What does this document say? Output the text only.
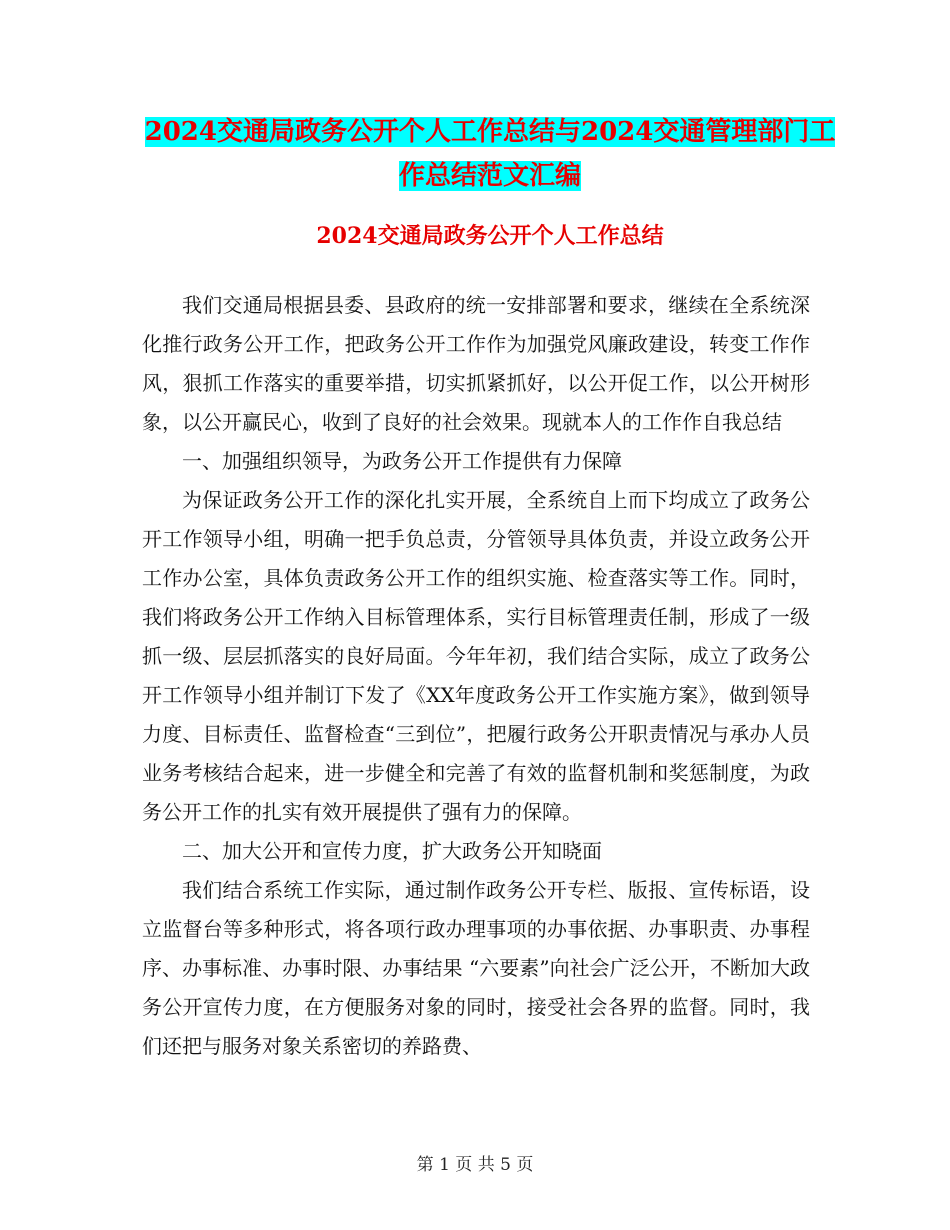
2024交通局政务公开个人工作总结与2024交通管理部门工作总结范文汇编
2024交通局政务公开个人工作总结

我们交通局根据县委、县政府的统一安排部署和要求，继续在全系统深化推行政务公开工作，把政务公开工作作为加强党风廉政建设，转变工作作风，狠抓工作落实的重要举措，切实抓紧抓好，以公开促工作，以公开树形象，以公开赢民心，收到了良好的社会效果。现就本人的工作作自我总结

一、加强组织领导，为政务公开工作提供有力保障

为保证政务公开工作的深化扎实开展，全系统自上而下均成立了政务公开工作领导小组，明确一把手负总责，分管领导具体负责，并设立政务公开工作办公室，具体负责政务公开工作的组织实施、检查落实等工作。同时，我们将政务公开工作纳入目标管理体系，实行目标管理责任制，形成了一级抓一级、层层抓落实的良好局面。今年年初，我们结合实际，成立了政务公开工作领导小组并制订下发了《XX年度政务公开工作实施方案》，做到领导力度、目标责任、监督检查“三到位”，把履行政务公开职责情况与承办人员业务考核结合起来，进一步健全和完善了有效的监督机制和奖惩制度，为政务公开工作的扎实有效开展提供了强有力的保障。

二、加大公开和宣传力度，扩大政务公开知晓面

我们结合系统工作实际，通过制作政务公开专栏、版报、宣传标语，设立监督台等多种形式，将各项行政办理事项的办事依据、办事职责、办事程序、办事标准、办事时限、办事结果 “六要素”向社会广泛公开，不断加大政务公开宣传力度，在方便服务对象的同时，接受社会各界的监督。同时，我们还把与服务对象关系密切的养路费、

第 1 页 共 5 页
